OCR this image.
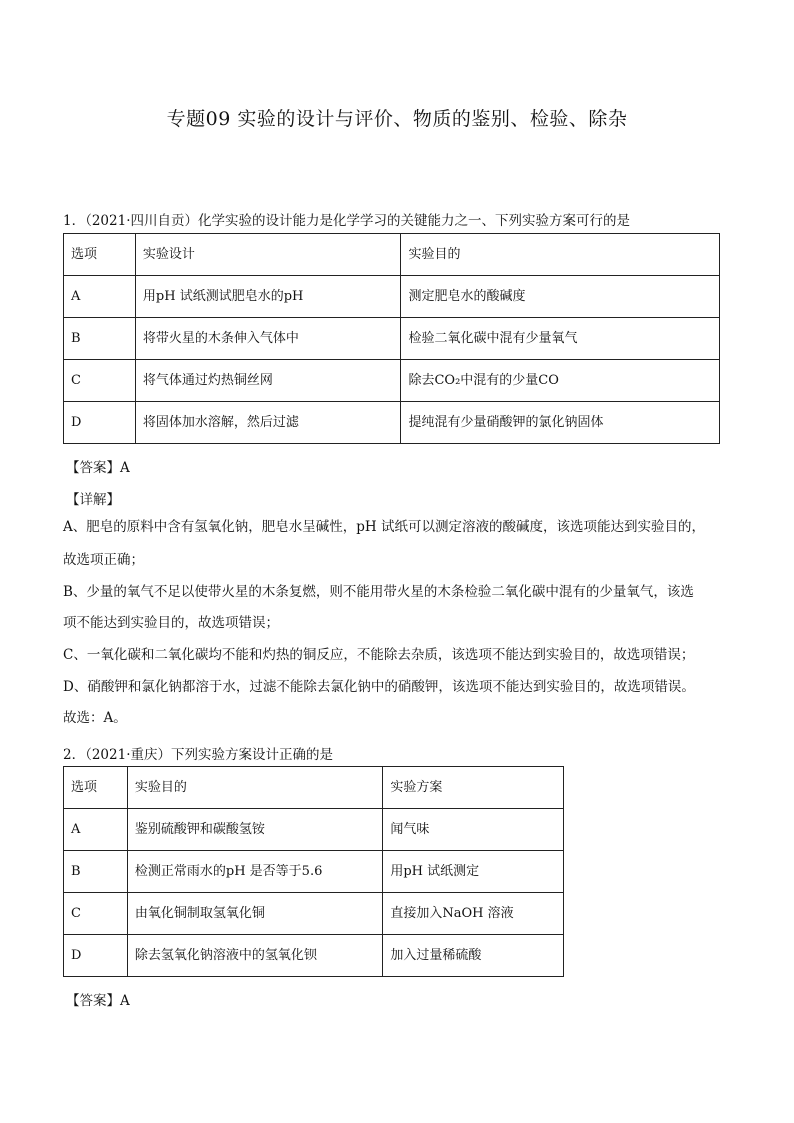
专题09 实验的设计与评价、物质的鉴别、检验、除杂
1．（2021·四川自贡）化学实验的设计能力是化学学习的关键能力之一、下列实验方案可行的是
选项	实验设计	实验目的
A	用pH 试纸测试肥皂水的pH	测定肥皂水的酸碱度
B	将带火星的木条伸入气体中	检验二氧化碳中混有少量氧气
C	将气体通过灼热铜丝网	除去CO₂中混有的少量CO
D	将固体加水溶解，然后过滤	提纯混有少量硝酸钾的氯化钠固体
【答案】A
【详解】
A、肥皂的原料中含有氢氧化钠，肥皂水呈碱性，pH 试纸可以测定溶液的酸碱度，该选项能达到实验目的，
故选项正确；
B、少量的氧气不足以使带火星的木条复燃，则不能用带火星的木条检验二氧化碳中混有的少量氧气，该选
项不能达到实验目的，故选项错误；
C、一氧化碳和二氧化碳均不能和灼热的铜反应，不能除去杂质，该选项不能达到实验目的，故选项错误；
D、硝酸钾和氯化钠都溶于水，过滤不能除去氯化钠中的硝酸钾，该选项不能达到实验目的，故选项错误。
故选：A。
2．（2021·重庆）下列实验方案设计正确的是
选项	实验目的	实验方案
A	鉴别硫酸钾和碳酸氢铵	闻气味
B	检测正常雨水的pH 是否等于5.6	用pH 试纸测定
C	由氧化铜制取氢氧化铜	直接加入NaOH 溶液
D	除去氢氧化钠溶液中的氢氧化钡	加入过量稀硫酸
【答案】A
